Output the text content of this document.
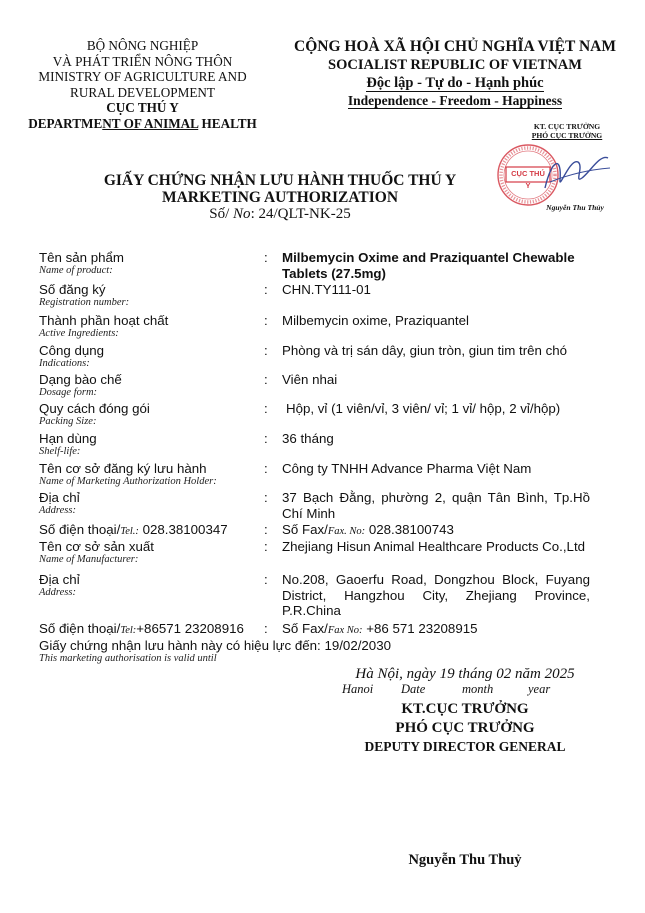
BỘ NÔNG NGHIỆP
VÀ PHÁT TRIỂN NÔNG THÔN
MINISTRY OF AGRICULTURE AND
RURAL DEVELOPMENT
CỤC THÚ Y
DEPARTMENT OF ANIMAL HEALTH
CỘNG HOÀ XÃ HỘI CHỦ NGHĨA VIỆT NAM
SOCIALIST REPUBLIC OF VIETNAM
Độc lập - Tự do - Hạnh phúc
Independence - Freedom - Happiness
KT. CỤC TRƯỞNG
PHÓ CỤC TRƯỞNG
CỤC THÚ Y
Nguyễn Thu Thủy
GIẤY CHỨNG NHẬN LƯU HÀNH THUỐC THÚ Y
MARKETING AUTHORIZATION
Số/ No: 24/QLT-NK-25
Tên sản phẩm
Name of product:
: Milbemycin Oxime and Praziquantel Chewable Tablets (27.5mg)
Số đăng ký
Registration number:
: CHN.TY111-01
Thành phần hoạt chất
Active Ingredients:
: Milbemycin oxime, Praziquantel
Công dụng
Indications:
: Phòng và trị sán dây, giun tròn, giun tim trên chó
Dạng bào chế
Dosage form:
: Viên nhai
Quy cách đóng gói
Packing Size:
: Hộp, vỉ (1 viên/vỉ, 3 viên/ vỉ; 1 vỉ/ hộp, 2 vỉ/hộp)
Hạn dùng
Shelf-life:
: 36 tháng
Tên cơ sở đăng ký lưu hành
Name of Marketing Authorization Holder:
: Công ty TNHH Advance Pharma Việt Nam
Địa chỉ
Address:
: 37 Bạch Đằng, phường 2, quận Tân Bình, Tp.Hồ Chí Minh
Số điện thoại/Tel.: 028.38100347	: Số Fax/Fax. No: 028.38100743
Tên cơ sở sản xuất
Name of Manufacturer:
: Zhejiang Hisun Animal Healthcare Products Co.,Ltd
Địa chỉ
Address:
: No.208, Gaoerfu Road, Dongzhou Block, Fuyang District, Hangzhou City, Zhejiang Province, P.R.China
Số điện thoại/Tel:+86571 23208916 : Số Fax/Fax No: +86 571 23208915
Giấy chứng nhận lưu hành này có hiệu lực đến: 19/02/2030
This marketing authorisation is valid until
Hà Nội, ngày 19 tháng 02 năm 2025
Hanoi Date	month	year
KT.CỤC TRƯỞNG
PHÓ CỤC TRƯỞNG
DEPUTY DIRECTOR GENERAL
Nguyễn Thu Thuỷ
